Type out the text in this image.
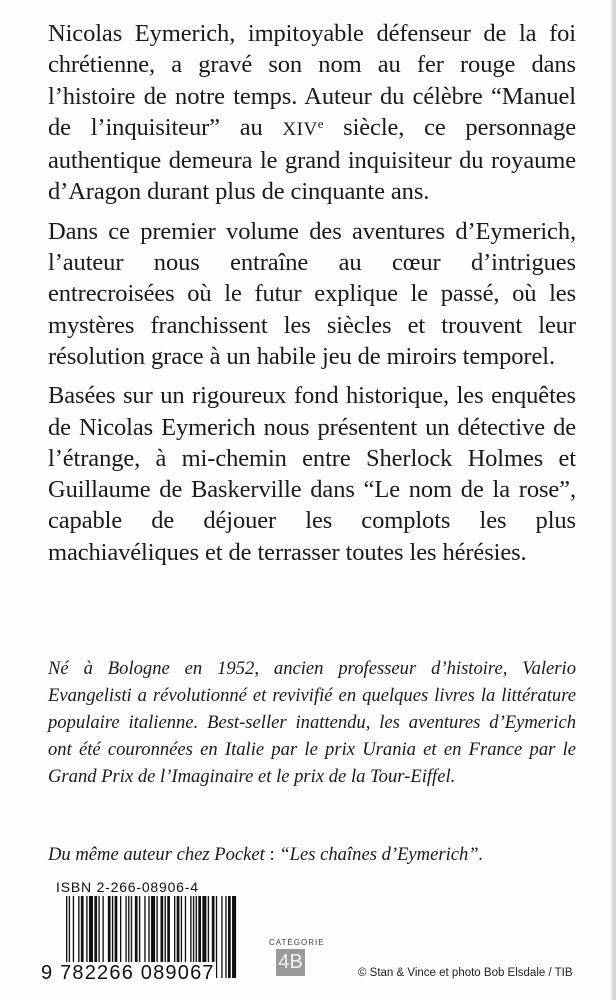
Nicolas Eymerich, impitoyable défenseur de la foi chrétienne, a gravé son nom au fer rouge dans l’histoire de notre temps. Auteur du célèbre “Manuel de l’inquisiteur” au XIVe siècle, ce personnage authentique demeura le grand inquisiteur du royaume d’Aragon durant plus de cinquante ans.

Dans ce premier volume des aventures d’Eymerich, l’auteur nous entraîne au cœur d’intrigues entrecroisées où le futur explique le passé, où les mystères franchissent les siècles et trouvent leur résolution grace à un habile jeu de miroirs temporel.

Basées sur un rigoureux fond historique, les enquêtes de Nicolas Eymerich nous présentent un détective de l’étrange, à mi-chemin entre Sherlock Holmes et Guillaume de Baskerville dans “Le nom de la rose”, capable de déjouer les complots les plus machiavéliques et de terrasser toutes les hérésies.

Né à Bologne en 1952, ancien professeur d’histoire, Valerio Evangelisti a révolutionné et revivifié en quelques livres la littérature populaire italienne. Best-seller inattendu, les aventures d’Eymerich ont été couronnées en Italie par le prix Urania et en France par le Grand Prix de l’Imaginaire et le prix de la Tour-Eiffel.

Du même auteur chez Pocket : “Les chaînes d’Eymerich”.

ISBN 2-266-08906-4
9 782266 089067
CATÉGORIE
4B	© Stan & Vince et photo Bob Elsdale / TIB
